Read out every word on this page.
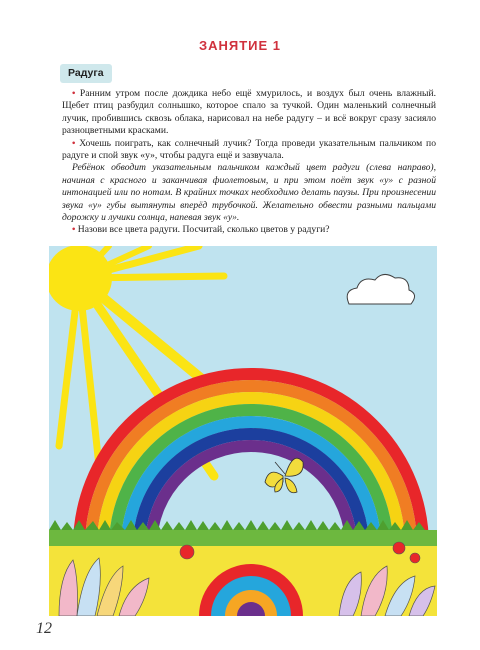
ЗАНЯТИЕ 1
Радуга

• Ранним утром после дождика небо ещё хмурилось, и воздух был очень влажный. Щебет птиц разбудил солнышко, которое спало за тучкой. Один маленький солнечный лучик, пробившись сквозь облака, нарисовал на небе радугу – и всё вокруг сразу засияло разноцветными красками.

• Хочешь поиграть, как солнечный лучик? Тогда проведи указательным пальчиком по радуге и спой звук «у», чтобы радуга ещё и зазвучала.

Ребёнок обводит указательным пальчиком каждый цвет радуги (слева направо), начиная с красного и заканчивая фиолетовым, и при этом поёт звук «у» с разной интонацией или по нотам. В крайних точках необходимо делать паузы. При произнесении звука «у» губы вытянуты вперёд трубочкой. Желательно обвести разными пальцами дорожку и лучики солнца, напевая звук «у».

• Назови все цвета радуги. Посчитай, сколько цветов у радуги?

12
